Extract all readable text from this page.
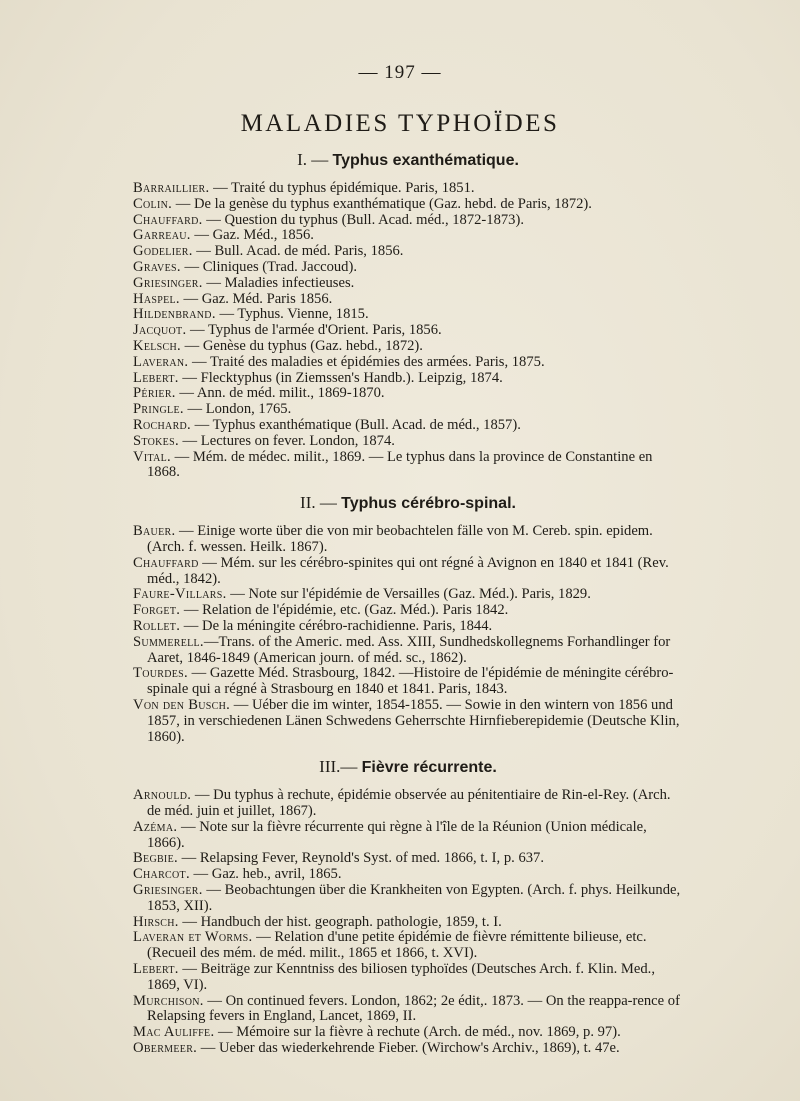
— 197 —
MALADIES TYPHOÏDES
I. — Typhus exanthématique.

Barraillier. — Traité du typhus épidémique. Paris, 1851.

Colin. — De la genèse du typhus exanthématique (Gaz. hebd. de Paris, 1872).

Chauffard. — Question du typhus (Bull. Acad. méd., 1872-1873).

Garreau. — Gaz. Méd., 1856.

Godelier. — Bull. Acad. de méd. Paris, 1856.

Graves. — Cliniques (Trad. Jaccoud).

Griesinger. — Maladies infectieuses.

Haspel. — Gaz. Méd. Paris 1856.

Hildenbrand. — Typhus. Vienne, 1815.

Jacquot. — Typhus de l'armée d'Orient. Paris, 1856.

Kelsch. — Genèse du typhus (Gaz. hebd., 1872).

Laveran. — Traité des maladies et épidémies des armées. Paris, 1875.

Lebert. — Flecktyphus (in Ziemssen's Handb.). Leipzig, 1874.

Périer. — Ann. de méd. milit., 1869-1870.

Pringle. — London, 1765.

Rochard. — Typhus exanthématique (Bull. Acad. de méd., 1857).

Stokes. — Lectures on fever. London, 1874.

Vital. — Mém. de médec. milit., 1869. — Le typhus dans la province de Constantine en 1868.

II. — Typhus cérébro-spinal.

Bauer. — Einige worte über die von mir beobachtelen fälle von M. Cereb. spin. epidem. (Arch. f. wessen. Heilk. 1867).

Chauffard — Mém. sur les cérébro-spinites qui ont régné à Avignon en 1840 et 1841 (Rev. méd., 1842).

Faure-Villars. — Note sur l'épidémie de Versailles (Gaz. Méd.). Paris, 1829.

Forget. — Relation de l'épidémie, etc. (Gaz. Méd.). Paris 1842.

Rollet. — De la méningite cérébro-rachidienne. Paris, 1844.

Summerell.—Trans. of the Americ. med. Ass. XIII, Sundhedskollegnems Forhandlinger for Aaret, 1846-1849 (American journ. of méd. sc., 1862).

Tourdes. — Gazette Méd. Strasbourg, 1842. —Histoire de l'épidémie de méningite cérébro-spinale qui a régné à Strasbourg en 1840 et 1841. Paris, 1843.

Von den Busch. — Uéber die im winter, 1854-1855. — Sowie in den wintern von 1856 und 1857, in verschiedenen Länen Schwedens Geherrschte Hirnfieberepidemie (Deutsche Klin, 1860).

III.— Fièvre récurrente.

Arnould. — Du typhus à rechute, épidémie observée au pénitentiaire de Rin-el-Rey. (Arch. de méd. juin et juillet, 1867).

Azéma. — Note sur la fièvre récurrente qui règne à l'île de la Réunion (Union médicale, 1866).

Begbie. — Relapsing Fever, Reynold's Syst. of med. 1866, t. I, p. 637.

Charcot. — Gaz. heb., avril, 1865.

Griesinger. — Beobachtungen über die Krankheiten von Egypten. (Arch. f. phys. Heilkunde, 1853, XII).

Hirsch. — Handbuch der hist. geograph. pathologie, 1859, t. I.

Laveran et Worms. — Relation d'une petite épidémie de fièvre rémittente bilieuse, etc. (Recueil des mém. de méd. milit., 1865 et 1866, t. XVI).

Lebert. — Beiträge zur Kenntniss des biliosen typhoïdes (Deutsches Arch. f. Klin. Med., 1869, VI).

Murchison. — On continued fevers. London, 1862; 2e édit,. 1873. — On the reappa-rence of Relapsing fevers in England, Lancet, 1869, II.

Mac Auliffe. — Mémoire sur la fièvre à rechute (Arch. de méd., nov. 1869, p. 97).

Obermeer. — Ueber das wiederkehrende Fieber. (Wirchow's Archiv., 1869), t. 47e.
